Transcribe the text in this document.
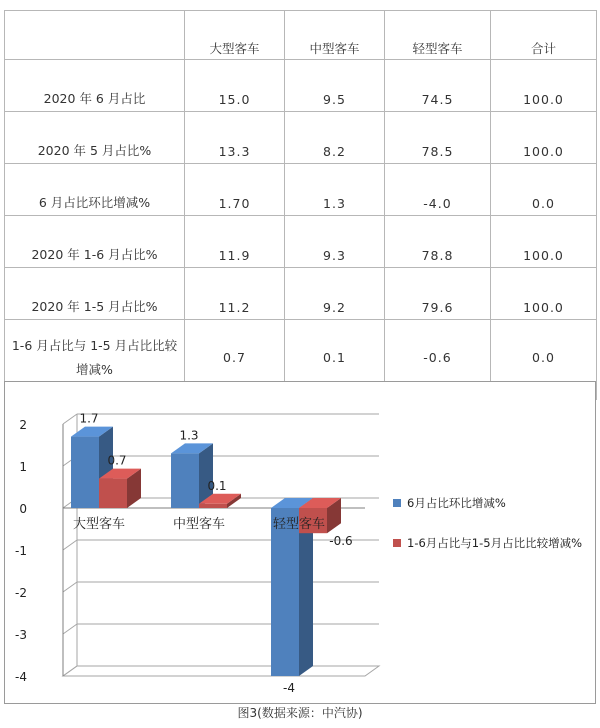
	大型客车	中型客车	轻型客车	合计
2020 年 6 月占比	15.0	9.5	74.5	100.0
2020 年 5 月占比%	13.3	8.2	78.5	100.0
6 月占比环比增减%	1.70	1.3	-4.0	0.0
2020 年 1-6 月占比%	11.9	9.3	78.8	100.0
2020 年 1-5 月占比%	11.2	9.2	79.6	100.0
1-6 月占比与 1-5 月占比比较增减%	0.7	0.1	-0.6	0.0
2
1
0
-1
-2
-3
-4
大型客车	中型客车	轻型客车
1.7
0.7
1.3
0.1
-4
-0.6
6月占比环比增减%
1-6月占比与1-5月占比比较增减%
图3(数据来源：中汽协)
